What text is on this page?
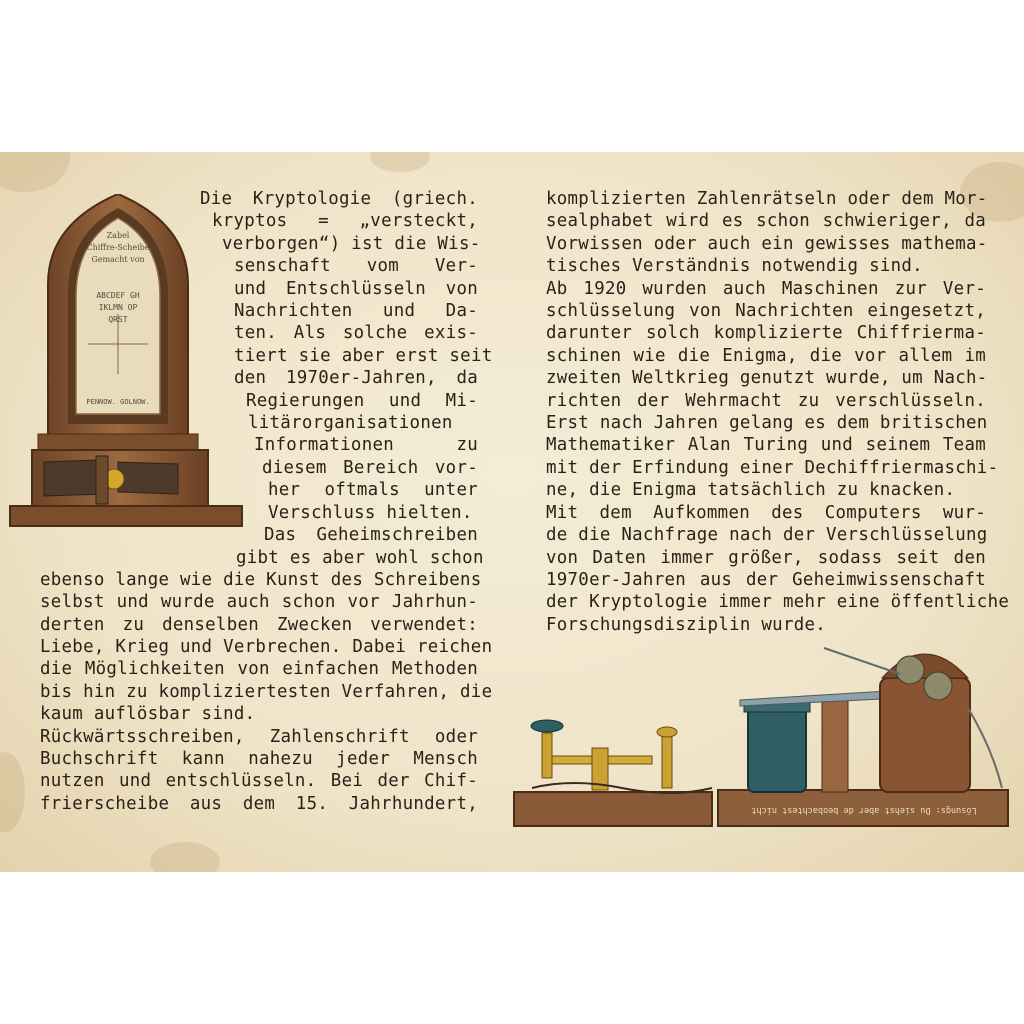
Zabel
Chiffre-Scheibe
Gemacht von
ABCDEF GH
IKLMN OP
QRST
PENNOW. GOLNOW.
Die Kryptologie (griech.
kryptos = „versteckt,
verborgen“) ist die Wis-
senschaft vom Ver-
und Entschlüsseln von
Nachrichten und Da-
ten. Als solche exis-
tiert sie aber erst seit
den 1970er-Jahren, da
Regierungen und Mi-
litärorganisationen
Informationen zu
diesem Bereich vor-
her oftmals unter
Verschluss hielten.
Das Geheimschreiben
gibt es aber wohl schon
ebenso lange wie die Kunst des Schreibens
selbst und wurde auch schon vor Jahrhun-
derten zu denselben Zwecken verwendet:
Liebe, Krieg und Verbrechen. Dabei reichen
die Möglichkeiten von einfachen Methoden
bis hin zu kompliziertesten Verfahren, die
kaum auflösbar sind.
Rückwärtsschreiben, Zahlenschrift oder
Buchschrift kann nahezu jeder Mensch
nutzen und entschlüsseln. Bei der Chif-
frierscheibe aus dem 15. Jahrhundert,
komplizierten Zahlenrätseln oder dem Mor-
sealphabet wird es schon schwieriger, da
Vorwissen oder auch ein gewisses mathema-
tisches Verständnis notwendig sind.
Ab 1920 wurden auch Maschinen zur Ver-
schlüsselung von Nachrichten eingesetzt,
darunter solch komplizierte Chiffrierma-
schinen wie die Enigma, die vor allem im
zweiten Weltkrieg genutzt wurde, um Nach-
richten der Wehrmacht zu verschlüsseln.
Erst nach Jahren gelang es dem britischen
Mathematiker Alan Turing und seinem Team
mit der Erfindung einer Dechiffriermaschi-
ne, die Enigma tatsächlich zu knacken.
Mit dem Aufkommen des Computers wur-
de die Nachfrage nach der Verschlüsselung
von Daten immer größer, sodass seit den
1970er-Jahren aus der Geheimwissenschaft
der Kryptologie immer mehr eine öffentliche
Forschungsdisziplin wurde.
Lösungs: Du siehst aber de beobachtest nicht
